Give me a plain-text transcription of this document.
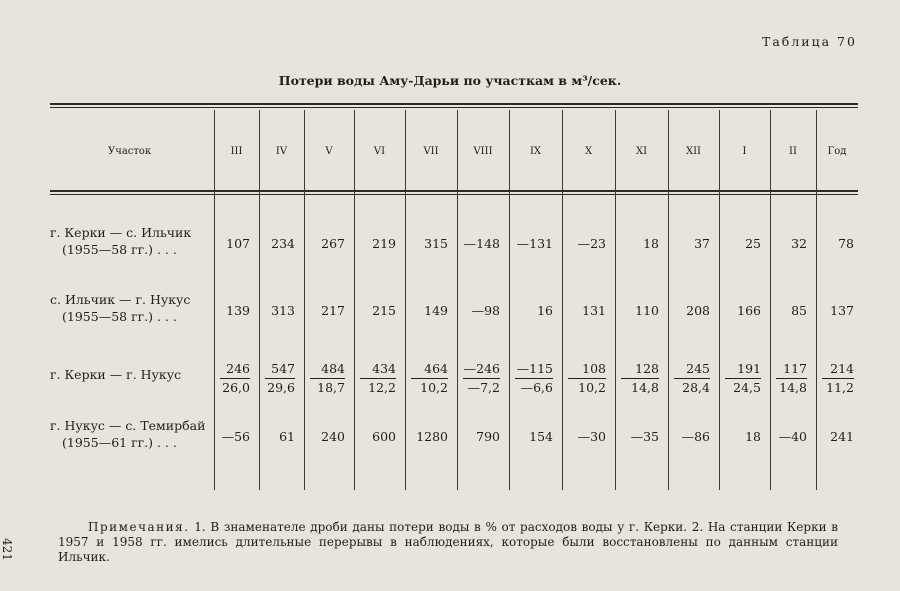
Таблица 70
Потери воды Аму-Дарьи по участкам в м³/сек.
Участок	III	IV	V	VI	VII	VIII	IX	X	XI	XII	I	II	Год
г. Керки — с. Ильчик
(1955—58 гг.) . . .	107	234	267	219	315	—148	—131	—23	18	37	25	32	78
с. Ильчик — г. Нукус
(1955—58 гг.) . . .	139	313	217	215	149	—98	16	131	110	208	166	85	137
г. Керки — г. Нукус	$\frac{246}{26,0} \frac{547}{29,6} \frac{484}{18,7} \frac{434}{12,2} \frac{464}{10,2} \frac{—246}{—7,2} \frac{—115}{—6,6} \frac{108}{10,2} \frac{128}{14,8} \frac{245}{28,4} \frac{191}{24,5} \frac{117}{14,8} \frac{214}{11,2}$
г. Нукус — с. Темирбай
(1955—61 гг.) . . .	—56	61	240	600	1280	790	154	—30	—35	—86	18	—40	241
Примечания. 1. В знаменателе дроби даны потери воды в % от расходов воды у г. Керки. 2. На станции Керки в 1957 и 1958 гг. имелись длительные перерывы в наблюдениях, которые были восстановлены по данным станции Ильчик.
421
